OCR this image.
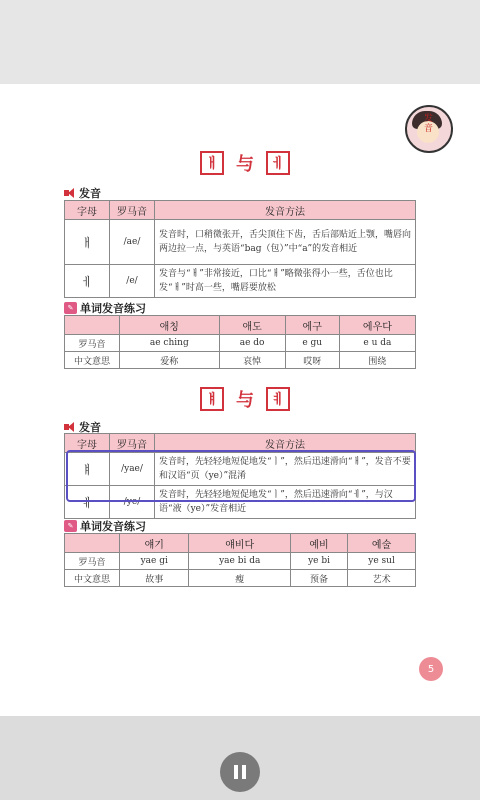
发音
ㅐ 与	ㅔ
发音
字母	罗马音	发音方法
ㅐ	/ae/	发音时，口稍微张开，舌尖顶住下齿，舌后部贴近上颚，嘴唇向两边拉一点，与英语“bag（包）”中“a”的发音相近
ㅔ	/e/	发音与“ㅐ”非常接近，口比“ㅐ”略微张得小一些，舌位也比发“ㅐ”时高一些，嘴唇要放松
✎ 单词发音练习
	애칭	애도	에구	에우다
罗马音	ae ching	ae do	e gu	e u da
中文意思	爱称	哀悼	哎呀	围绕
ㅒ 与	ㅖ
发音
字母	罗马音	发音方法
ㅒ	/yae/	发音时，先轻轻地短促地发“ㅣ”，然后迅速滑向“ㅐ”，发音不要和汉语“页（ye）”混淆
ㅖ	/ye/	发音时，先轻轻地短促地发“ㅣ”，然后迅速滑向“ㅔ”，与汉语“液（ye）”发音相近
✎ 单词发音练习
	얘기	얘비다	예비	예술
罗马音	yae gi	yae bi da	ye bi	ye sul
中文意思	故事	瘦	预备	艺术
5
